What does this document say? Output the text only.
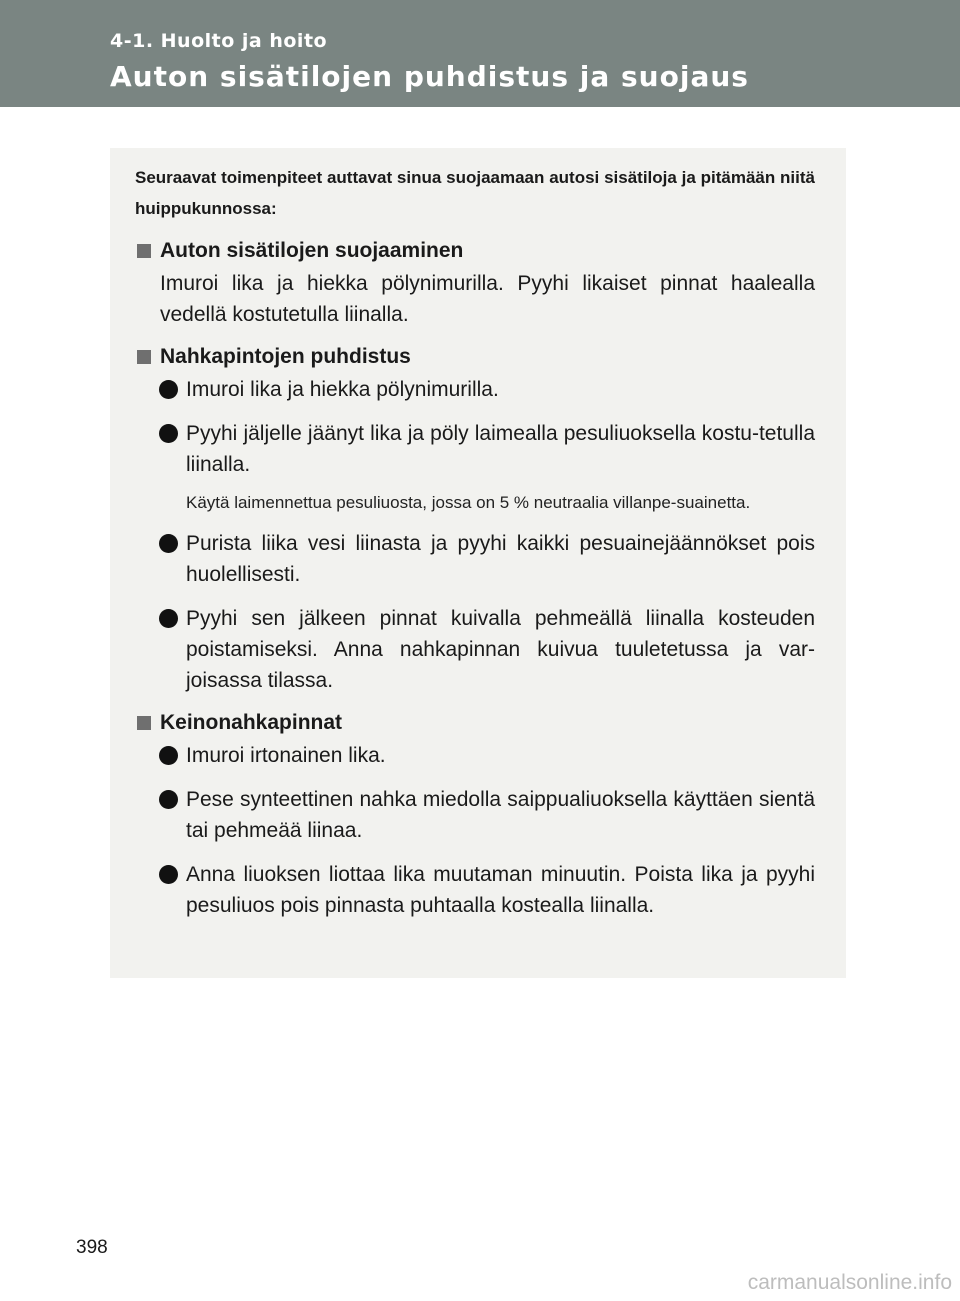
4-1. Huolto ja hoito
Auton sisätilojen puhdistus ja suojaus

Seuraavat toimenpiteet auttavat sinua suojaamaan autosi sisätiloja ja pitämään niitä huippukunnossa:

Auton sisätilojen suojaaminen
Imuroi lika ja hiekka pölynimurilla. Pyyhi likaiset pinnat haalealla vedellä kostutetulla liinalla.
Nahkapintojen puhdistus
Imuroi lika ja hiekka pölynimurilla.
Pyyhi jäljelle jäänyt lika ja pöly laimealla pesuliuoksella kostu-tetulla liinalla.
Käytä laimennettua pesuliuosta, jossa on 5 % neutraalia villanpe-suainetta.
Purista liika vesi liinasta ja pyyhi kaikki pesuainejäännökset pois huolellisesti.
Pyyhi sen jälkeen pinnat kuivalla pehmeällä liinalla kosteuden poistamiseksi. Anna nahkapinnan kuivua tuuletetussa ja var-joisassa tilassa.
Keinonahkapinnat
Imuroi irtonainen lika.
Pese synteettinen nahka miedolla saippualiuoksella käyttäen sientä tai pehmeää liinaa.
Anna liuoksen liottaa lika muutaman minuutin. Poista lika ja pyyhi pesuliuos pois pinnasta puhtaalla kostealla liinalla.
398
carmanualsonline.info
